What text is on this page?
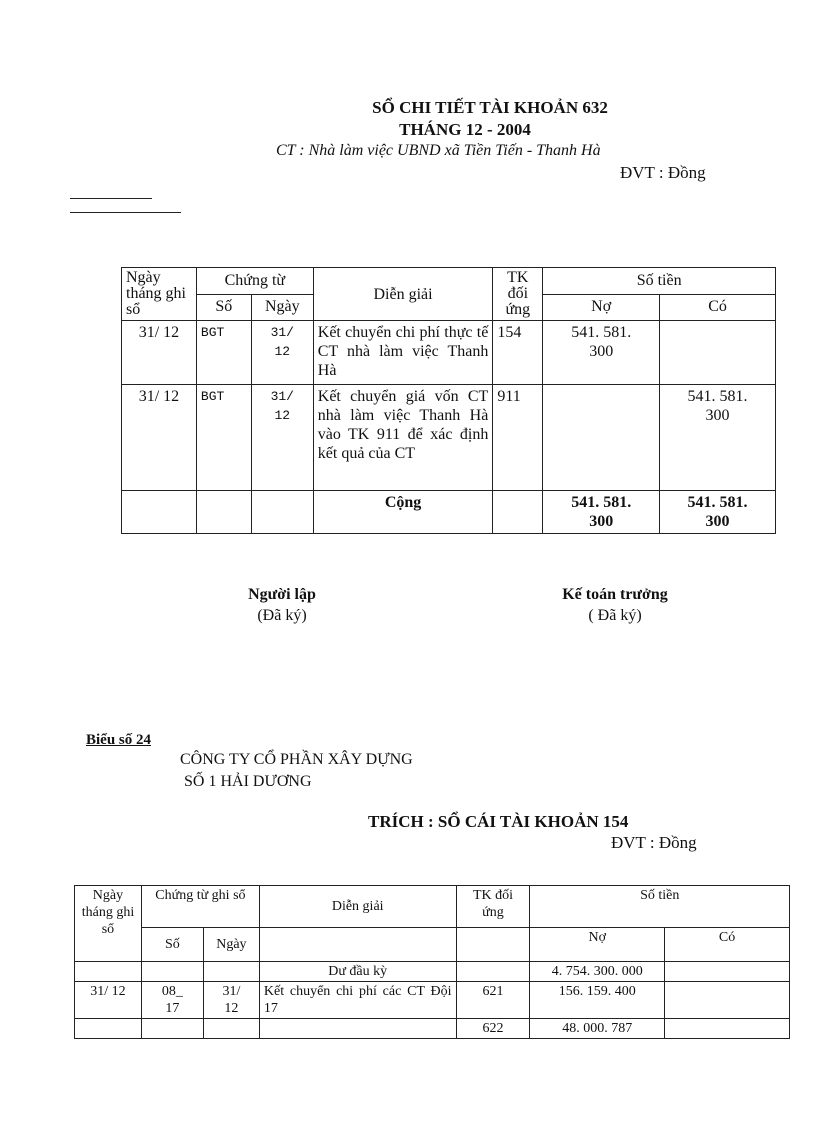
SỔ CHI TIẾT TÀI KHOẢN 632
THÁNG 12 - 2004
CT : Nhà làm việc UBND xã Tiền Tiến - Thanh Hà
ĐVT : Đồng
Ngày tháng ghi sổ	Chứng từ		Diễn giải	TK đối ứng	Số tiền	
	Số	Ngày			Nợ	Có
31/ 12	BGT	31/ 12	Kết chuyển chi phí thực tế CT nhà làm việc Thanh Hà	154	541. 581. 300	
31/ 12	BGT	31/ 12	Kết chuyển giá vốn CT nhà làm việc Thanh Hà vào TK 911 để xác định kết quả của CT	911		541. 581. 300
			Cộng		541. 581. 300	541. 581. 300
Người lập
(Đã ký)
Kế toán trưởng
( Đã ký)
Biểu số 24
CÔNG TY CỔ PHẦN XÂY DỰNG
SỐ 1 HẢI DƯƠNG
TRÍCH : SỔ CÁI TÀI KHOẢN 154
ĐVT : Đồng
Ngày tháng ghi sổ	Chứng từ ghi sổ		Diễn giải	TK đối ứng	Số tiền	
	Số	Ngày			Nợ	Có
			Dư đầu kỳ		4. 754. 300. 000	
31/ 12	08_ 17	31/ 12	Kết chuyển chi phí các CT Đội 17	621	156. 159. 400	
				622	48. 000. 787	
